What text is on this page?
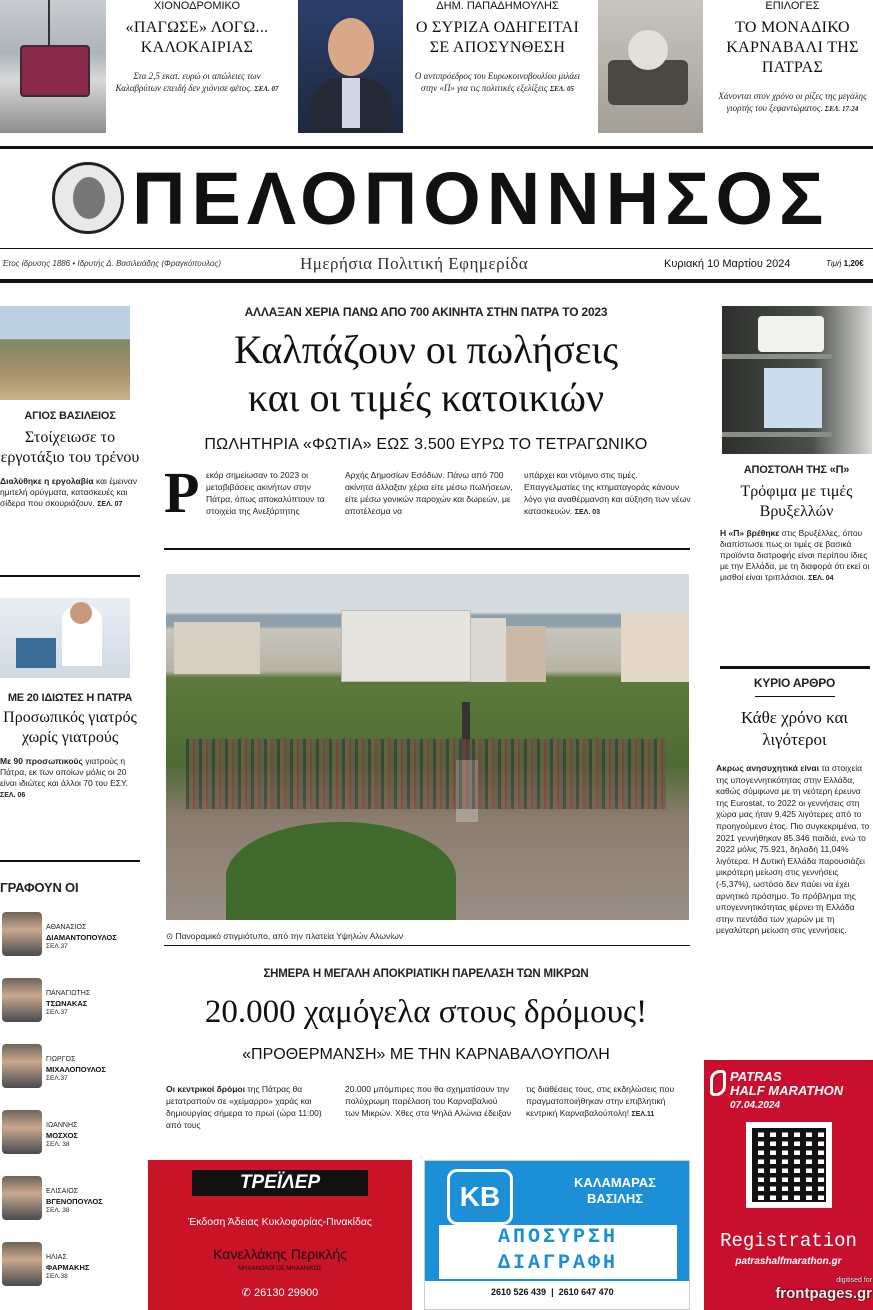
ΧΙΟΝΟΔΡΟΜΙΚΟ
«ΠΑΓΩΣΕ» ΛΟΓΩ... ΚΑΛΟΚΑΙΡΙΑΣ
Στα 2,5 εκατ. ευρώ οι απώλειες των Καλαβρύτων επειδή δεν χιόνισε φέτος. ΣΕΛ. 07
ΔΗΜ. ΠΑΠΑΔΗΜΟΥΛΗΣ
Ο ΣΥΡΙΖΑ ΟΔΗΓΕΙΤΑΙ ΣΕ ΑΠΟΣΥΝΘΕΣΗ
Ο αντιπρόεδρος του Ευρωκοινοβουλίου μιλάει στην «Π» για τις πολιτικές εξελίξεις ΣΕΛ. 05
ΕΠΙΛΟΓΕΣ
ΤΟ ΜΟΝΑΔΙΚΟ ΚΑΡΝΑΒΑΛΙ ΤΗΣ ΠΑΤΡΑΣ
Χάνονται στον χρόνο οι ρίζες της μεγάλης γιορτής του ξεφαντώματος. ΣΕΛ. 17-24
ΠΕΛΟΠΟΝΝΗΣΟΣ
Έτος ίδρυσης 1886 • Ιδρυτής Δ. Βασιλειάδης (Φραγκόπουλος)	Ημερήσια Πολιτική Εφημερίδα	Κυριακή 10 Μαρτίου 2024	Τιμή 1,20€
ΑΓΙΟΣ ΒΑΣΙΛΕΙΟΣ
Στοίχειωσε το εργοτάξιο του τρένου
Διαλύθηκε η εργολαβία και έμειναν ημιτελή ορύγματα, κατασκευές και σίδερα που σκουριάζουν. ΣΕΛ. 07
ΜΕ 20 ΙΔΙΩΤΕΣ Η ΠΑΤΡΑ
Προσωπικός γιατρός χωρίς γιατρούς
Με 90 προσωπικούς γιατρούς η Πάτρα, εκ των οποίων μόλις οι 20 είναι ιδιώτες και άλλοι 70 του ΕΣΥ. ΣΕΛ. 06
ΓΡΑΦΟΥΝ ΟΙ
ΑΘΑΝΑΣΙΟΣ
ΔΙΑΜΑΝΤΟΠΟΥΛΟΣ
ΣΕΛ.37
ΠΑΝΑΓΙΩΤΗΣ
ΤΣΩΝΑΚΑΣ
ΣΕΛ.37
ΓΙΩΡΓΟΣ
ΜΙΧΑΛΟΠΟΥΛΟΣ
ΣΕΛ.37
ΙΩΑΝΝΗΣ
ΜΟΣΧΟΣ
ΣΕΛ. 38
ΕΛΙΣΑΙΟΣ
ΒΓΕΝΟΠΟΥΛΟΣ
ΣΕΛ. 38
ΗΛΙΑΣ
ΦΑΡΜΑΚΗΣ
ΣΕΛ.38
ΑΛΛΑΞΑΝ ΧΕΡΙΑ ΠΑΝΩ ΑΠΟ 700 ΑΚΙΝΗΤΑ ΣΤΗΝ ΠΑΤΡΑ ΤΟ 2023
Καλπάζουν οι πωλήσεις
και οι τιμές κατοικιών
ΠΩΛΗΤΗΡΙΑ «ΦΩΤΙΑ» ΕΩΣ 3.500 ΕΥΡΩ ΤΟ ΤΕΤΡΑΓΩΝΙΚΟ
Ρ εκόρ σημείωσαν το 2023 οι μεταβιβάσεις ακινήτων στην Πάτρα, όπως αποκαλύπτουν τα στοιχεία της Ανεξάρτητης
Αρχής Δημοσίων Εσόδων. Πάνω από 700 ακίνητα άλλαξαν χέρια είτε μέσω πωλήσεων, είτε μέσω γονικών παροχών και δωρεών, με αποτέλεσμα να
υπάρχει και ντόμινο στις τιμές. Επαγγελματίες της κτηματαγοράς κάνουν λόγο για αναθέρμανση και αύξηση των νέων κατασκευών. ΣΕΛ. 03
⊙ Πανοραμικό στιγμιότυπο, από την πλατεία Υψηλών Αλωνίων
ΣΗΜΕΡΑ Η ΜΕΓΑΛΗ ΑΠΟΚΡΙΑΤΙΚΗ ΠΑΡΕΛΑΣΗ ΤΩΝ ΜΙΚΡΩΝ
20.000 χαμόγελα στους δρόμους!
«ΠΡΟΘΕΡΜΑΝΣΗ» ΜΕ ΤΗΝ ΚΑΡΝΑΒΑΛΟΥΠΟΛΗ
Οι κεντρικοί δρόμοι της Πάτρας θα μετατραπούν σε «χείμαρρο» χαράς και δημιουργίας σήμερα το πρωί (ώρα 11:00) από τους
20.000 μπόμπιρες που θα σχηματίσουν την πολύχρωμη παρέλαση του Καρναβαλιού των Μικρών. Χθες στα Ψηλά Αλώνια έδειξαν
τις διαθέσεις τους, στις εκδηλώσεις που πραγματοποιήθηκαν στην επιβλητική κεντρική Καρναβαλούπολη! ΣΕΛ.11
ΑΠΟΣΤΟΛΗ ΤΗΣ «Π»
Τρόφιμα με τιμές Βρυξελλών
Η «Π» βρέθηκε στις Βρυξέλλες, όπου διαπίστωσε πως οι τιμές σε βασικά προϊόντα διατροφής είναι περίπου ίδιες με την Ελλάδα, με τη διαφορά ότι εκεί οι μισθοί είναι τριπλάσιοι. ΣΕΛ. 04
ΚΥΡΙΟ ΑΡΘΡΟ
Κάθε χρόνο και λιγότεροι
Ακρως ανησυχητικά είναι τα στοιχεία της υπογεννητικότητας στην Ελλάδα, καθώς σύμφωνα με τη νεότερη έρευνα της Eurostat, το 2022 οι γεννήσεις στη χώρα μας ήταν 9.425 λιγότερες από το προηγούμενο έτος. Πιο συγκεκριμένα, το 2021 γεννήθηκαν 85.346 παιδιά, ενώ το 2022 μόλις 75.921, δηλαδή 11,04% λιγότερα. Η Δυτική Ελλάδα παρουσιάζει μικρότερη μείωση στις γεννήσεις (-5,37%), ωστόσο δεν παύει να έχει αρνητικό πρόσημο. Το πρόβλημα της υπογεννητικότητας φέρνει τη Ελλάδα στην πεντάδα των χωρών με τη μεγαλύτερη μείωση στις γεννήσεις.
ΤΡΕΪΛΕΡ
Έκδοση Άδειας Κυκλοφορίας-Πινακίδας
Κανελλάκης Περικλής
ΜΗΧΑΝΟΛΟΓΟΣ ΜΗΧΑΝΙΚΟΣ
✆ 26130 29900
KB	ΚΑΛΑΜΑΡΑΣ
ΒΑΣΙΛΗΣ
ΑΠΟΣΥΡΣΗ
ΔΙΑΓΡΑΦΗ
2610 526 439  |  2610 647 470
PATRAS
HALF MARATHON
07.04.2024
Registration
patrashalfmarathon.gr
digitised for
frontpages.gr
